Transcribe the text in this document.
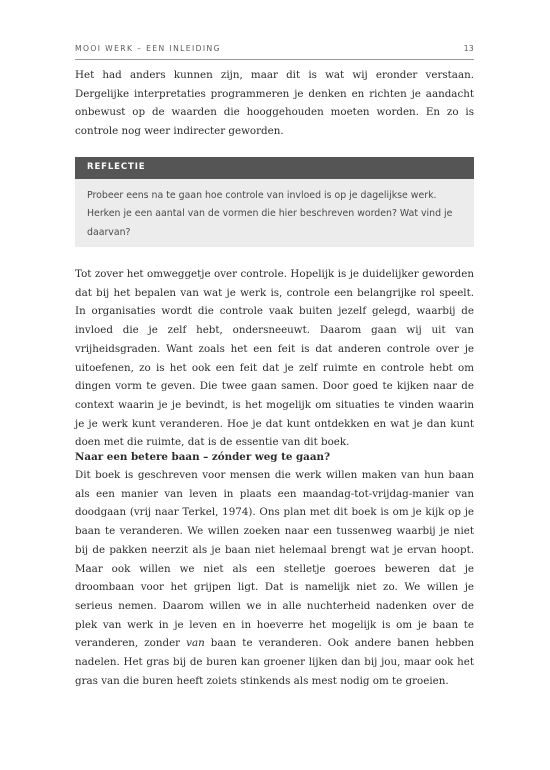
MOOI WERK – EEN INLEIDING	13

Het had anders kunnen zijn, maar dit is wat wij eronder verstaan. Dergelijke interpretaties programmeren je denken en richten je aandacht onbewust op de waarden die hooggehouden moeten worden. En zo is controle nog weer indirecter geworden.

REFLECTIE

Probeer eens na te gaan hoe controle van invloed is op je dagelijkse werk. Herken je een aantal van de vormen die hier beschreven worden? Wat vind je daarvan?

Tot zover het omweggetje over controle. Hopelijk is je duidelijker geworden dat bij het bepalen van wat je werk is, controle een belangrijke rol speelt. In organisaties wordt die controle vaak buiten jezelf gelegd, waarbij de invloed die je zelf hebt, ondersneeuwt. Daarom gaan wij uit van vrijheidsgraden. Want zoals het een feit is dat anderen controle over je uitoefenen, zo is het ook een feit dat je zelf ruimte en controle hebt om dingen vorm te geven. Die twee gaan samen. Door goed te kijken naar de context waarin je je bevindt, is het mogelijk om situaties te vinden waarin je je werk kunt veranderen. Hoe je dat kunt ontdekken en wat je dan kunt doen met die ruimte, dat is de essentie van dit boek.

Naar een betere baan – zónder weg te gaan?

Dit boek is geschreven voor mensen die werk willen maken van hun baan als een manier van leven in plaats een maandag-tot-vrijdag-manier van doodgaan (vrij naar Terkel, 1974). Ons plan met dit boek is om je kijk op je baan te veranderen. We willen zoeken naar een tussenweg waarbij je niet bij de pakken neerzit als je baan niet helemaal brengt wat je ervan hoopt. Maar ook willen we niet als een stelletje goeroes beweren dat je droombaan voor het grijpen ligt. Dat is namelijk niet zo. We willen je serieus nemen. Daarom willen we in alle nuchterheid nadenken over de plek van werk in je leven en in hoeverre het mogelijk is om je baan te veranderen, zonder van baan te veranderen. Ook andere banen hebben nadelen. Het gras bij de buren kan groener lijken dan bij jou, maar ook het gras van die buren heeft zoiets stinkends als mest nodig om te groeien.
